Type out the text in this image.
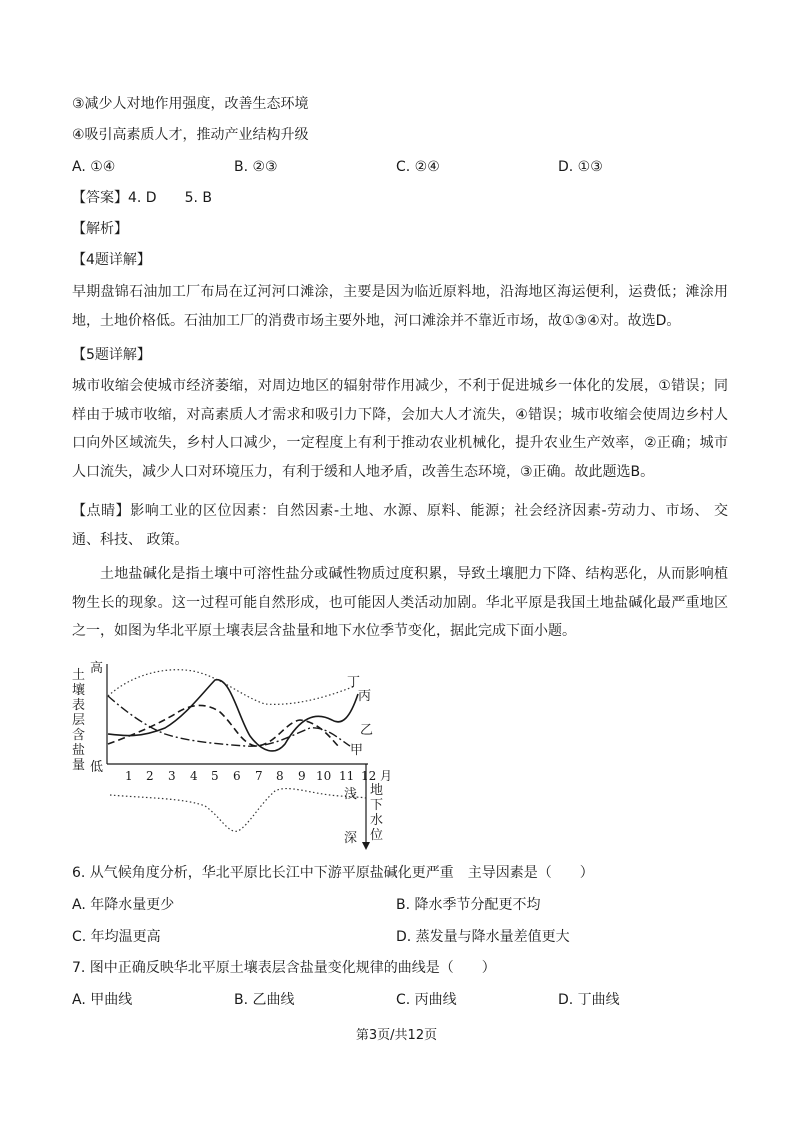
③减少人对地作用强度，改善生态环境
④吸引高素质人才，推动产业结构升级
A. ①④	B. ②③	C. ②④	D. ①③
【答案】4. D　　5. B
【解析】
【4题详解】
早期盘锦石油加工厂布局在辽河河口滩涂，主要是因为临近原料地，沿海地区海运便利，运费低；滩涂用地，土地价格低。石油加工厂的消费市场主要外地，河口滩涂并不靠近市场，故①③④对。故选D。
【5题详解】
城市收缩会使城市经济萎缩，对周边地区的辐射带作用减少，不利于促进城乡一体化的发展，①错误；同样由于城市收缩，对高素质人才需求和吸引力下降，会加大人才流失，④错误；城市收缩会使周边乡村人口向外区域流失，乡村人口减少，一定程度上有利于推动农业机械化，提升农业生产效率，②正确；城市人口流失，减少人口对环境压力，有利于缓和人地矛盾，改善生态环境，③正确。故此题选B。
【点睛】影响工业的区位因素：自然因素-土地、水源、原料、能源；社会经济因素-劳动力、市场、 交通、科技、 政策。
土地盐碱化是指土壤中可溶性盐分或碱性物质过度积累，导致土壤肥力下降、结构恶化，从而影响植物生长的现象。这一过程可能自然形成，也可能因人类活动加剧。华北平原是我国土地盐碱化最严重地区之一，如图为华北平原土壤表层含盐量和地下水位季节变化，据此完成下面小题。
土
壤
表
层
含
盐
量
高
低
1 2 3 4 5 6 7 8 9 10 11 12 月
丁
丙
乙
甲
浅
深
地
下
水
位
6. 从气候角度分析，华北平原比长江中下游平原盐碱化更严重　主导因素是（　　）
A. 年降水量更少	B. 降水季节分配更不均
C. 年均温更高	D. 蒸发量与降水量差值更大
7. 图中正确反映华北平原土壤表层含盐量变化规律的曲线是（　　）
A. 甲曲线	B. 乙曲线	C. 丙曲线	D. 丁曲线
第3页/共12页
